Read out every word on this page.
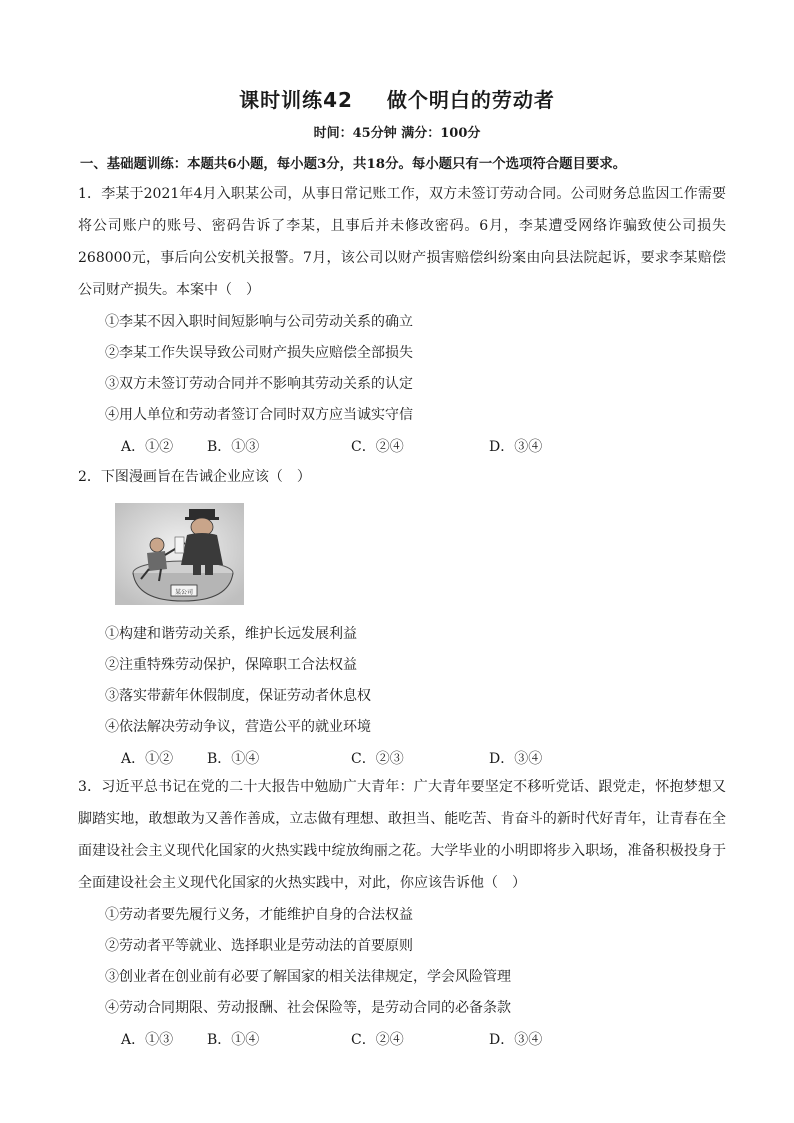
课时训练42 做个明白的劳动者
时间：45分钟 满分：100分
一、基础题训练：本题共6小题，每小题3分，共18分。每小题只有一个选项符合题目要求。

1．李某于2021年4月入职某公司，从事日常记账工作，双方未签订劳动合同。公司财务总监因工作需要将公司账户的账号、密码告诉了李某，且事后并未修改密码。6月，李某遭受网络诈骗致使公司损失268000元，事后向公安机关报警。7月，该公司以财产损害赔偿纠纷案由向县法院起诉，要求李某赔偿公司财产损失。本案中（　）

①李某不因入职时间短影响与公司劳动关系的确立
②李某工作失误导致公司财产损失应赔偿全部损失
③双方未签订劳动合同并不影响其劳动关系的认定
④用人单位和劳动者签订合同时双方应当诚实守信
A．①② B．①③	C．②④	D．③④

2．下图漫画旨在告诫企业应该（　）

某公司
①构建和谐劳动关系，维护长远发展利益
②注重特殊劳动保护，保障职工合法权益
③落实带薪年休假制度，保证劳动者休息权
④依法解决劳动争议，营造公平的就业环境
A．①② B．①④	C．②③	D．③④

3．习近平总书记在党的二十大报告中勉励广大青年：广大青年要坚定不移听党话、跟党走，怀抱梦想又脚踏实地，敢想敢为又善作善成，立志做有理想、敢担当、能吃苦、肯奋斗的新时代好青年，让青春在全面建设社会主义现代化国家的火热实践中绽放绚丽之花。大学毕业的小明即将步入职场，准备积极投身于全面建设社会主义现代化国家的火热实践中，对此，你应该告诉他（　）

①劳动者要先履行义务，才能维护自身的合法权益
②劳动者平等就业、选择职业是劳动法的首要原则
③创业者在创业前有必要了解国家的相关法律规定，学会风险管理
④劳动合同期限、劳动报酬、社会保险等，是劳动合同的必备条款
A．①③ B．①④	C．②④	D．③④
